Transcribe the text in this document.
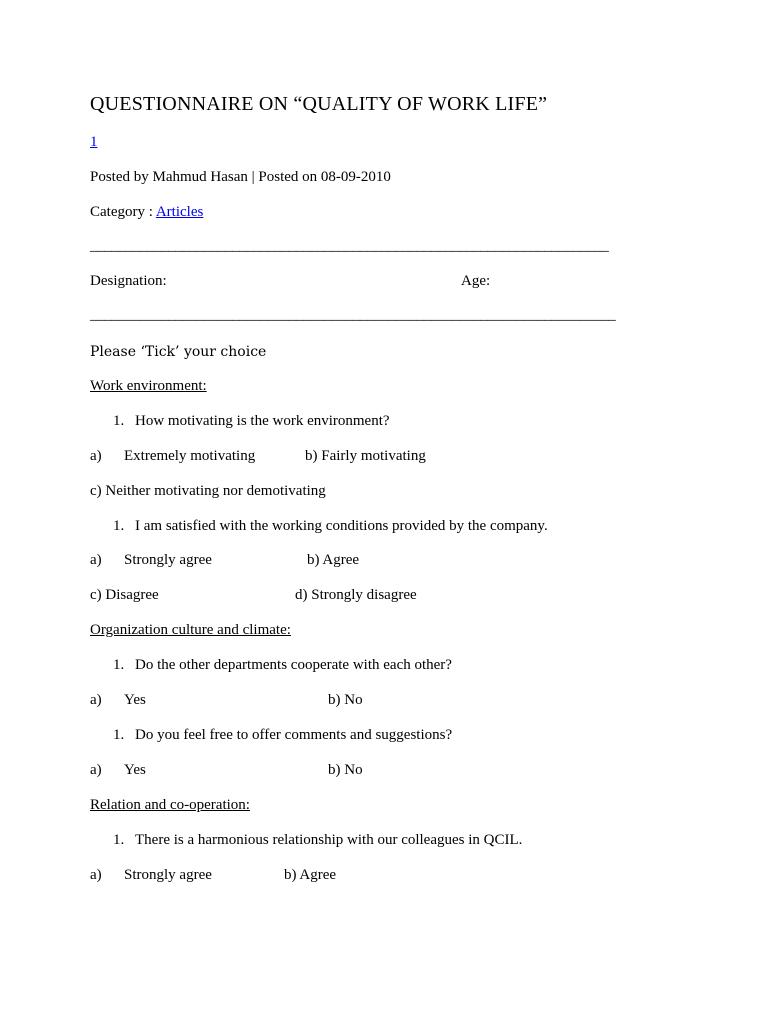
QUESTIONNAIRE ON “QUALITY OF WORK LIFE”
1
Posted by Mahmud Hasan | Posted on 08-09-2010
Category : Articles
_________________________________________________________________________
Designation:	Age:
__________________________________________________________________________
Please ‘Tick’ your choice
Work environment:
1. How motivating is the work environment?
a) Extremely motivating	b) Fairly motivating
c) Neither motivating nor demotivating
1. I am satisfied with the working conditions provided by the company.
a) Strongly agree	b) Agree
c) Disagree	d) Strongly disagree
Organization culture and climate:
1. Do the other departments cooperate with each other?
a) Yes	b) No
1. Do you feel free to offer comments and suggestions?
a) Yes	b) No
Relation and co-operation:
1. There is a harmonious relationship with our colleagues in QCIL.
a) Strongly agree	b) Agree
